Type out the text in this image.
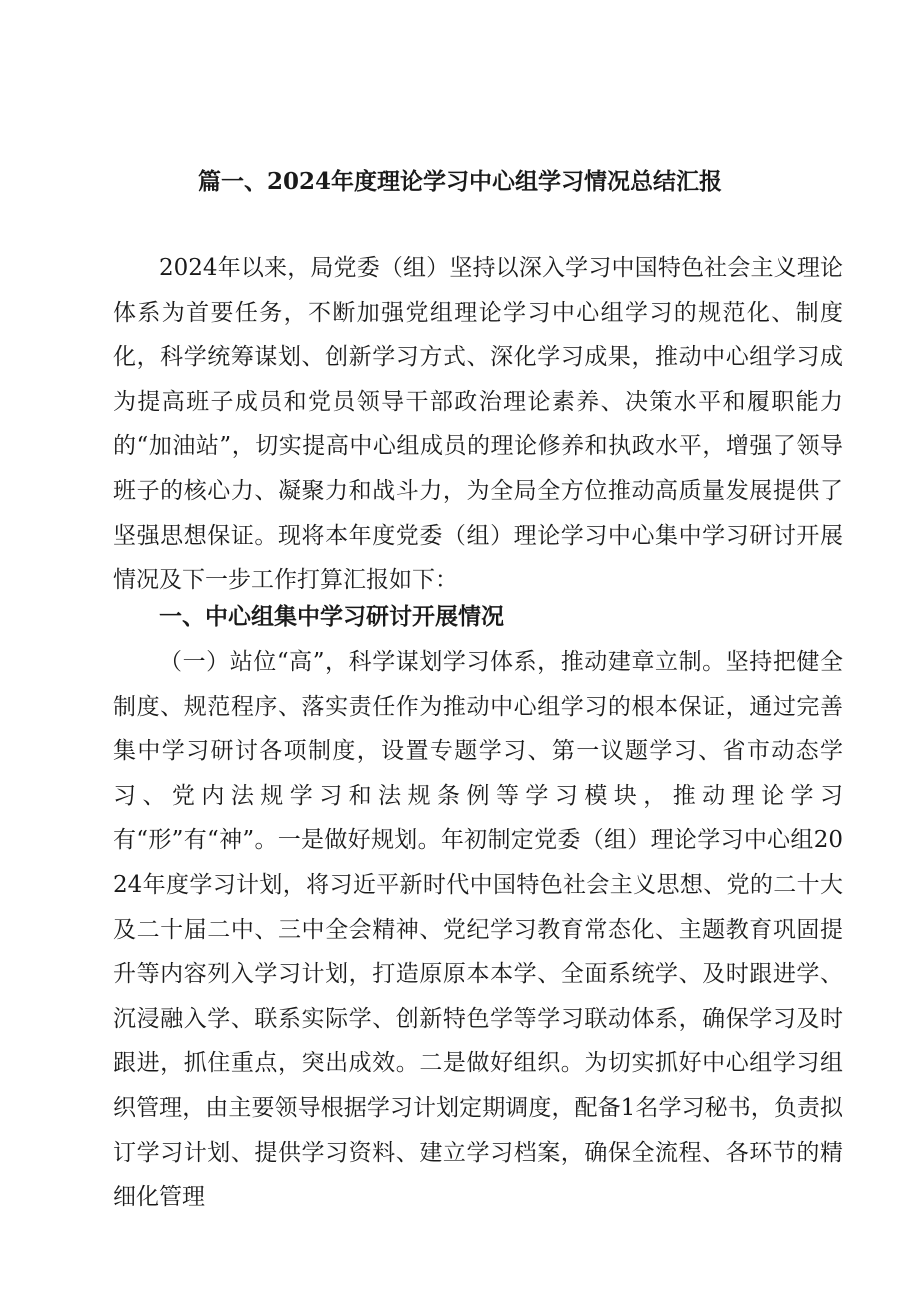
篇一、2024年度理论学习中心组学习情况总结汇报

2024年以来，局党委（组）坚持以深入学习中国特色社会主义理论体系为首要任务，不断加强党组理论学习中心组学习的规范化、制度化，科学统筹谋划、创新学习方式、深化学习成果，推动中心组学习成为提高班子成员和党员领导干部政治理论素养、决策水平和履职能力的“加油站”，切实提高中心组成员的理论修养和执政水平，增强了领导班子的核心力、凝聚力和战斗力，为全局全方位推动高质量发展提供了坚强思想保证。现将本年度党委（组）理论学习中心集中学习研讨开展情况及下一步工作打算汇报如下：

一、中心组集中学习研讨开展情况

（一）站位“高”，科学谋划学习体系，推动建章立制。坚持把健全制度、规范程序、落实责任作为推动中心组学习的根本保证，通过完善集中学习研讨各项制度，设置专题学习、第一议题学习、省市动态学习、党内法规学习和法规条例等学习模块，推动理论学习有“形”有“神”。一是做好规划。年初制定党委（组）理论学习中心组2024年度学习计划，将习近平新时代中国特色社会主义思想、党的二十大及二十届二中、三中全会精神、党纪学习教育常态化、主题教育巩固提升等内容列入学习计划，打造原原本本学、全面系统学、及时跟进学、沉浸融入学、联系实际学、创新特色学等学习联动体系，确保学习及时跟进，抓住重点，突出成效。二是做好组织。为切实抓好中心组学习组织管理，由主要领导根据学习计划定期调度，配备1名学习秘书，负责拟订学习计划、提供学习资料、建立学习档案，确保全流程、各环节的精细化管理
